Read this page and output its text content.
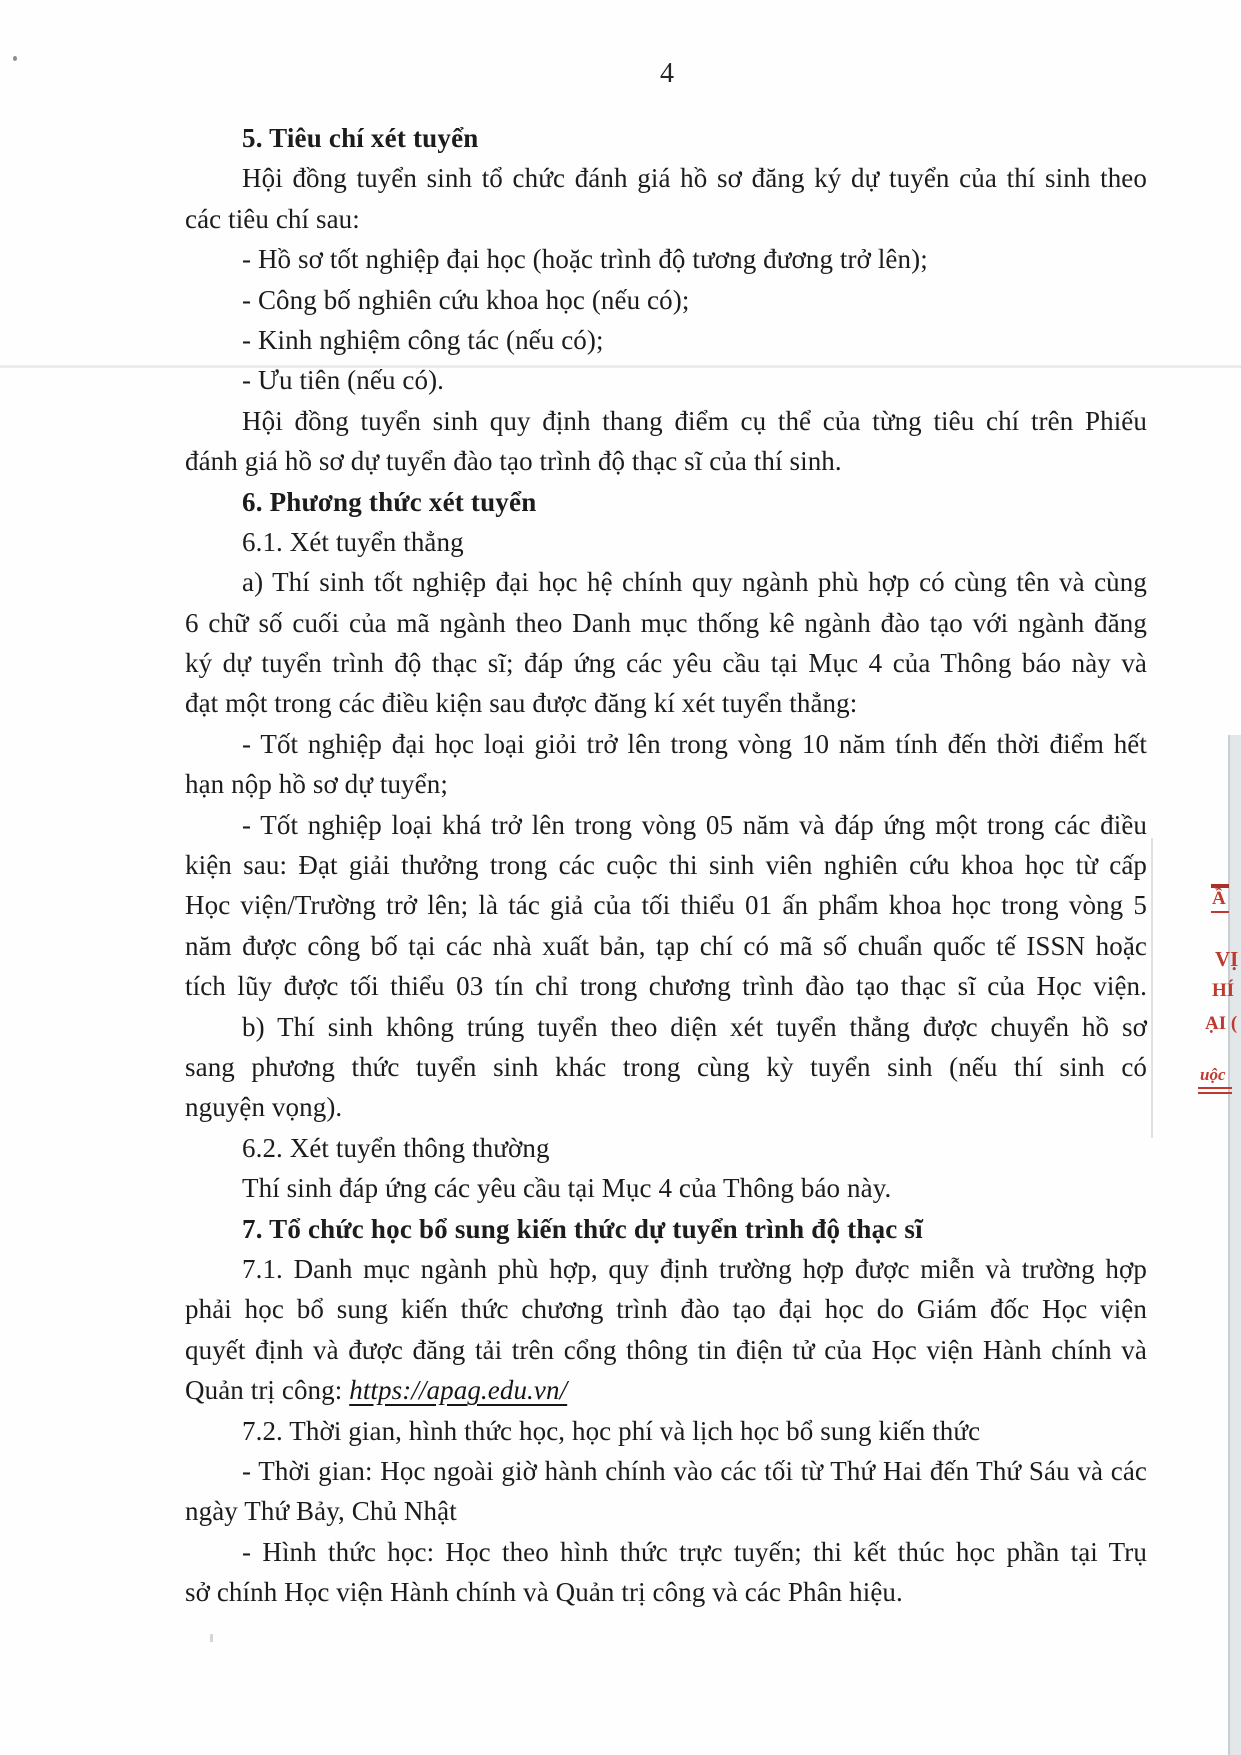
4
5. Tiêu chí xét tuyển
Hội đồng tuyển sinh tổ chức đánh giá hồ sơ đăng ký dự tuyển của thí sinh theo
các tiêu chí sau:
- Hồ sơ tốt nghiệp đại học (hoặc trình độ tương đương trở lên);
- Công bố nghiên cứu khoa học (nếu có);
- Kinh nghiệm công tác (nếu có);
- Ưu tiên (nếu có).
Hội đồng tuyển sinh quy định thang điểm cụ thể của từng tiêu chí trên Phiếu
đánh giá hồ sơ dự tuyển đào tạo trình độ thạc sĩ của thí sinh.
6. Phương thức xét tuyển
6.1. Xét tuyển thẳng
a) Thí sinh tốt nghiệp đại học hệ chính quy ngành phù hợp có cùng tên và cùng
6 chữ số cuối của mã ngành theo Danh mục thống kê ngành đào tạo với ngành đăng
ký dự tuyển trình độ thạc sĩ; đáp ứng các yêu cầu tại Mục 4 của Thông báo này và
đạt một trong các điều kiện sau được đăng kí xét tuyển thẳng:
- Tốt nghiệp đại học loại giỏi trở lên trong vòng 10 năm tính đến thời điểm hết
hạn nộp hồ sơ dự tuyển;
- Tốt nghiệp loại khá trở lên trong vòng 05 năm và đáp ứng một trong các điều
kiện sau: Đạt giải thưởng trong các cuộc thi sinh viên nghiên cứu khoa học từ cấp
Học viện/Trường trở lên; là tác giả của tối thiểu 01 ấn phẩm khoa học trong vòng 5
năm được công bố tại các nhà xuất bản, tạp chí có mã số chuẩn quốc tế ISSN hoặc
tích lũy được tối thiểu 03 tín chỉ trong chương trình đào tạo thạc sĩ của Học viện.
b) Thí sinh không trúng tuyển theo diện xét tuyển thẳng được chuyển hồ sơ
sang phương thức tuyển sinh khác trong cùng kỳ tuyển sinh (nếu thí sinh có
nguyện vọng).
6.2. Xét tuyển thông thường
Thí sinh đáp ứng các yêu cầu tại Mục 4 của Thông báo này.
7. Tổ chức học bổ sung kiến thức dự tuyển trình độ thạc sĩ
7.1. Danh mục ngành phù hợp, quy định trường hợp được miễn và trường hợp
phải học bổ sung kiến thức chương trình đào tạo đại học do Giám đốc Học viện
quyết định và được đăng tải trên cổng thông tin điện tử của Học viện Hành chính và
Quản trị công: https://apag.edu.vn/
7.2. Thời gian, hình thức học, học phí và lịch học bổ sung kiến thức
- Thời gian: Học ngoài giờ hành chính vào các tối từ Thứ Hai đến Thứ Sáu và các
ngày Thứ Bảy, Chủ Nhật
- Hình thức học: Học theo hình thức trực tuyến; thi kết thúc học phần tại Trụ
sở chính Học viện Hành chính và Quản trị công và các Phân hiệu.
Ầ
VỊ
HÍ
ẠI (
uộc
